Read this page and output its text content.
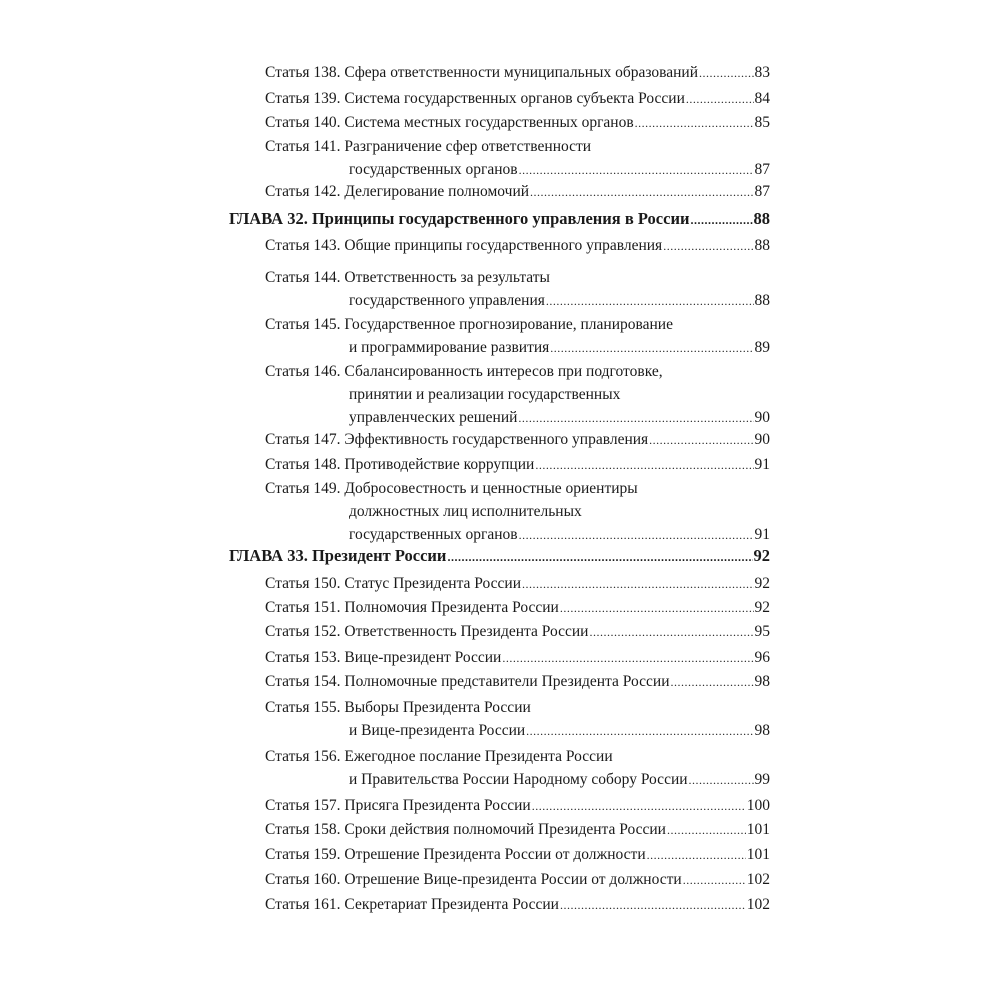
Статья 138. Сфера ответственности муниципальных образований .....	83
Статья 139. Система государственных органов субъекта России .....	84
Статья 140. Система местных государственных органов .....	85
Статья 141. Разграничение сфер ответственности
государственных органов .....	87
Статья 142. Делегирование полномочий .....	87
ГЛАВА 32. Принципы государственного управления в России .....	88
Статья 143. Общие принципы государственного управления .....	88
Статья 144. Ответственность за результаты
государственного управления .....	88
Статья 145. Государственное прогнозирование, планирование
и программирование развития .....	89
Статья 146. Сбалансированность интересов при подготовке,
принятии и реализации государственных
управленческих решений .....	90
Статья 147. Эффективность государственного управления .....	90
Статья 148. Противодействие коррупции .....	91
Статья 149. Добросовестность и ценностные ориентиры
должностных лиц исполнительных
государственных органов .....	91
ГЛАВА 33. Президент России .....	92
Статья 150. Статус Президента России .....	92
Статья 151. Полномочия Президента России .....	92
Статья 152. Ответственность Президента России .....	95
Статья 153. Вице-президент России .....	96
Статья 154. Полномочные представители Президента России .....	98
Статья 155. Выборы Президента России
и Вице-президента России .....	98
Статья 156. Ежегодное послание Президента России
и Правительства России Народному собору России .....	99
Статья 157. Присяга Президента России .....	100
Статья 158. Сроки действия полномочий Президента России .....	101
Статья 159. Отрешение Президента России от должности .....	101
Статья 160. Отрешение Вице-президента России от должности .....	102
Статья 161. Секретариат Президента России .....	102
